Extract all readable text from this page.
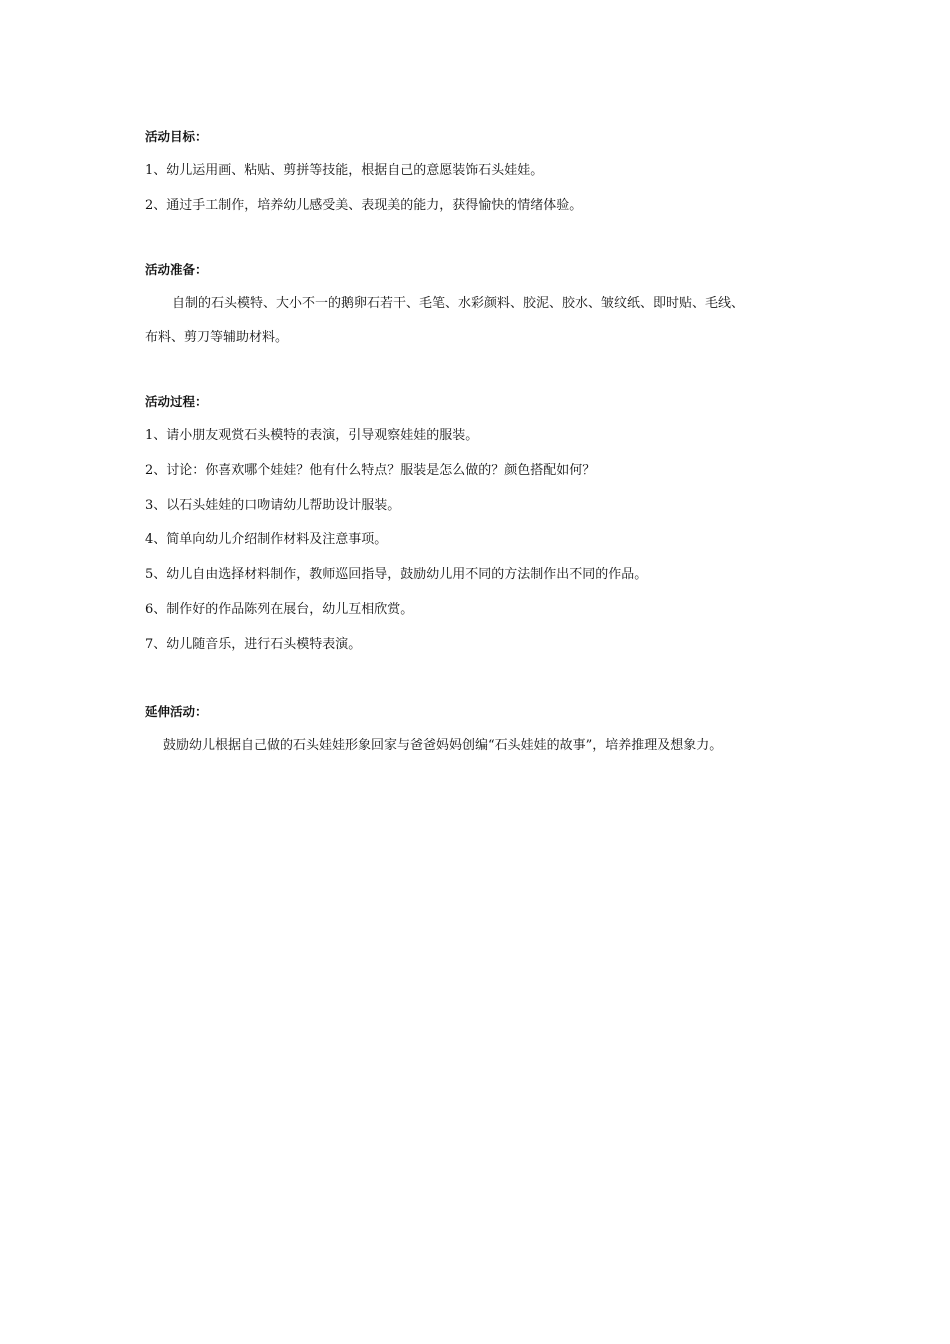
活动目标：

1、幼儿运用画、粘贴、剪拼等技能，根据自己的意愿装饰石头娃娃。

2、通过手工制作，培养幼儿感受美、表现美的能力，获得愉快的情绪体验。

活动准备：

自制的石头模特、大小不一的鹅卵石若干、毛笔、水彩颜料、胶泥、胶水、皱纹纸、即时贴、毛线、

布料、剪刀等辅助材料。

活动过程：

1、请小朋友观赏石头模特的表演，引导观察娃娃的服装。

2、讨论：你喜欢哪个娃娃？他有什么特点？服装是怎么做的？颜色搭配如何？

3、以石头娃娃的口吻请幼儿帮助设计服装。

4、简单向幼儿介绍制作材料及注意事项。

5、幼儿自由选择材料制作，教师巡回指导，鼓励幼儿用不同的方法制作出不同的作品。

6、制作好的作品陈列在展台，幼儿互相欣赏。

7、幼儿随音乐，进行石头模特表演。

延伸活动：

鼓励幼儿根据自己做的石头娃娃形象回家与爸爸妈妈创编“石头娃娃的故事”，培养推理及想象力。
